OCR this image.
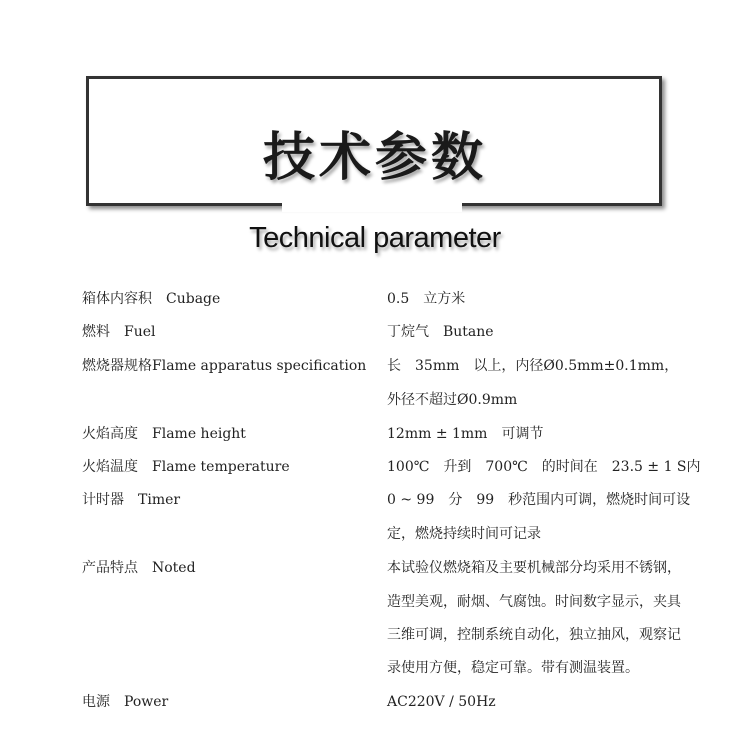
技术参数
Technical parameter
箱体内容积　Cubage	0.5　立方米
燃料　Fuel	丁烷气　Butane
燃烧器规格Flame apparatus specification 长　35mm　以上，内径Ø0.5mm±0.1mm，
外径不超过Ø0.9mm
火焰高度　Flame height	12mm ± 1mm　可调节
火焰温度　Flame temperature	100℃　升到　700℃　的时间在　23.5 ± 1 S内
计时器　Timer	0 ~ 99　分　99　秒范围内可调，燃烧时间可设
定，燃烧持续时间可记录
产品特点　Noted	本试验仪燃烧箱及主要机械部分均采用不锈钢，
造型美观，耐烟、气腐蚀。时间数字显示，夹具
三维可调，控制系统自动化，独立抽风，观察记
录使用方便，稳定可靠。带有测温装置。
电源　Power	AC220V / 50Hz
